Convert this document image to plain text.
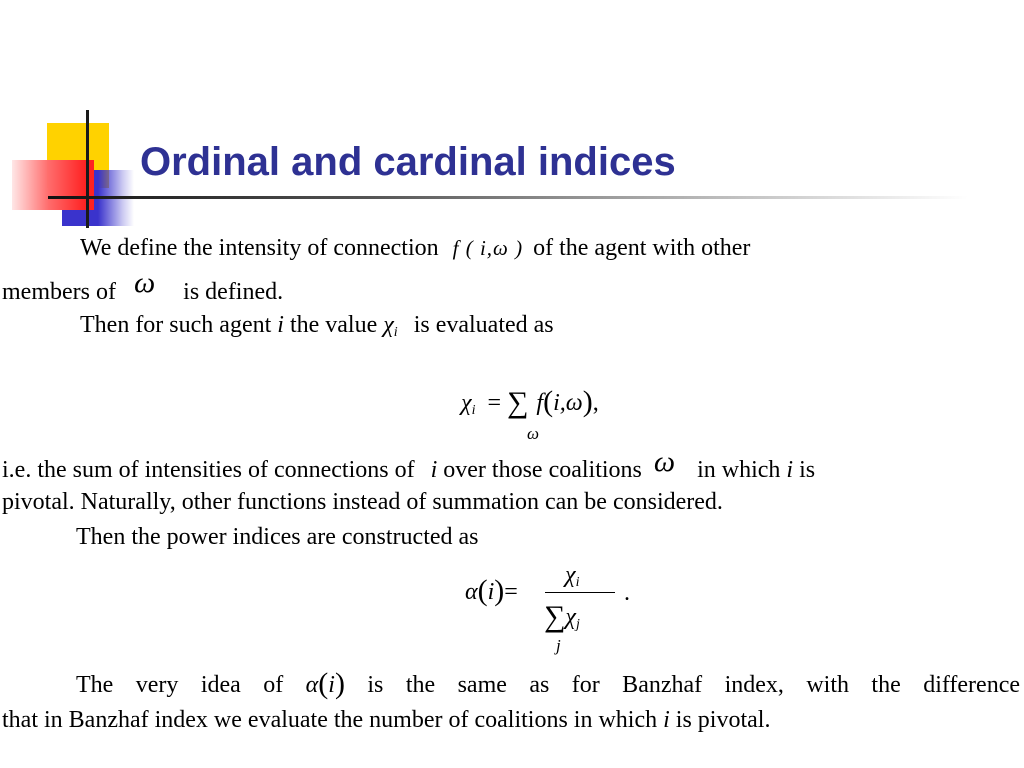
Ordinal and cardinal indices
We define the intensity of connection f ( i,ω ) of the agent with other
members of ω is defined.
Then for such agent i the value χi is evaluated as
χi = ∑ f(i,ω),
ω
i.e. the sum of intensities of connections of i over those coalitions ω in which i is
pivotal. Naturally, other functions instead of summation can be considered.
Then the power indices are constructed as
α(i)=
χi
∑χj
j
.
The very idea of α(i) is the same as for Banzhaf index, with the difference
that in Banzhaf index we evaluate the number of coalitions in which i is pivotal.
